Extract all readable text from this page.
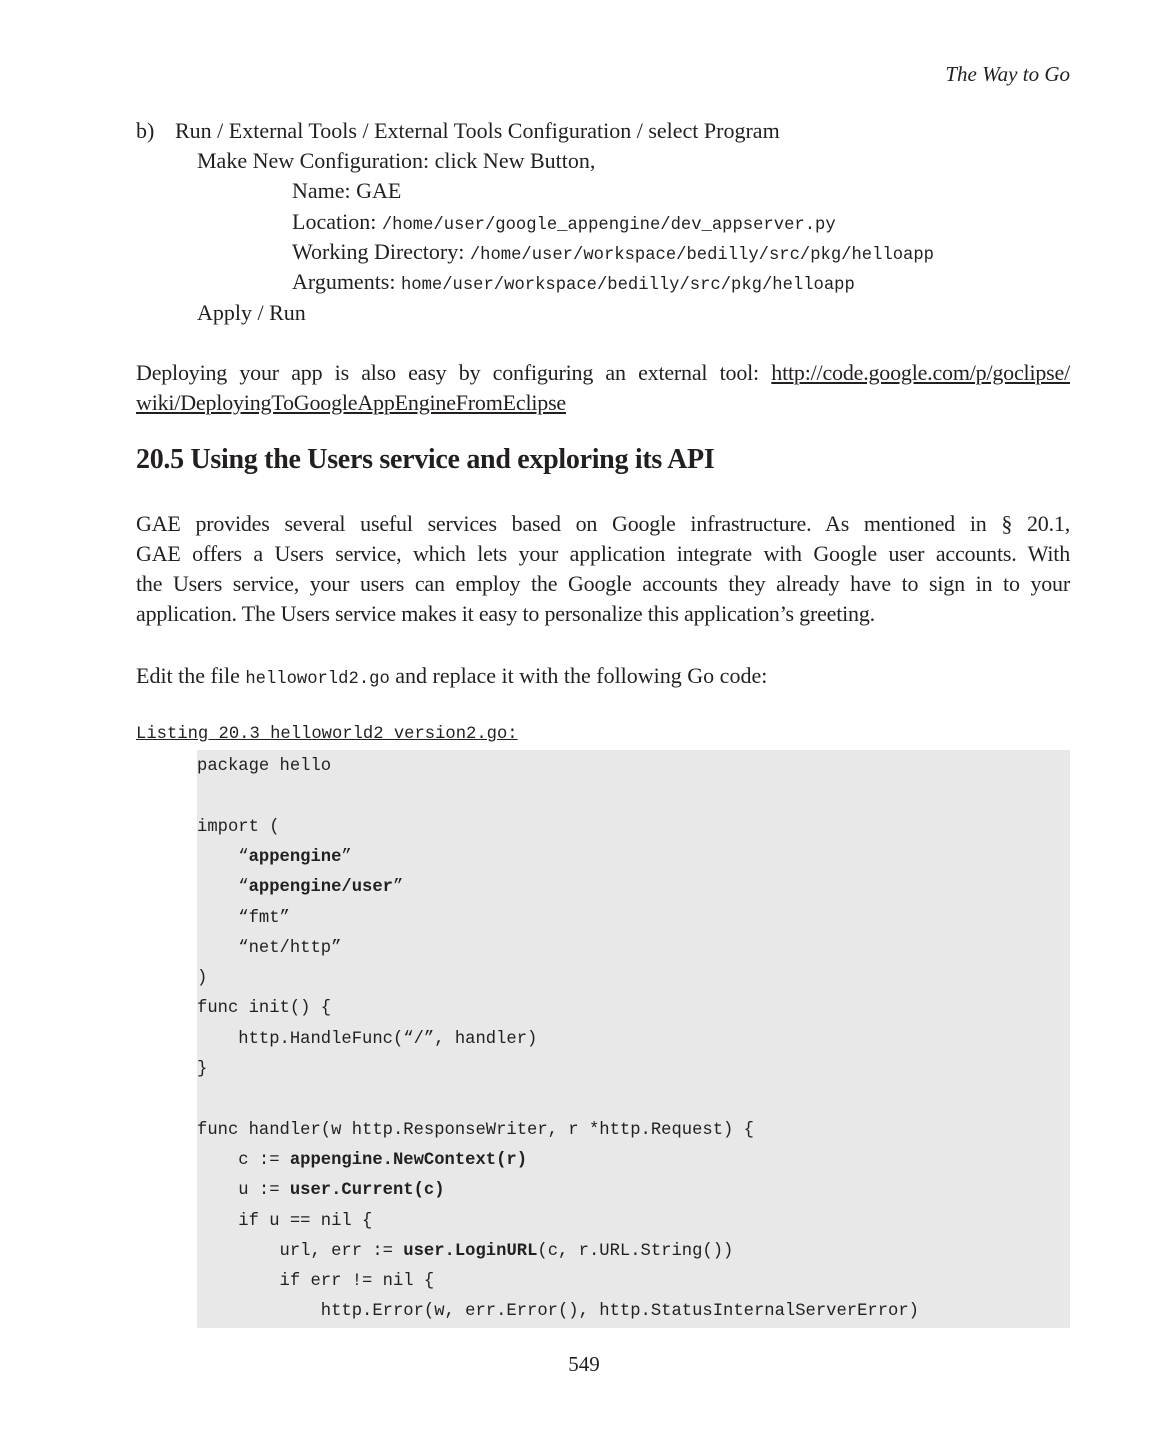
The Way to Go
b) Run / External Tools / External Tools Configuration / select Program
Make New Configuration: click New Button,
Name: GAE
Location: /home/user/google_appengine/dev_appserver.py
Working Directory: /home/user/workspace/bedilly/src/pkg/helloapp
Arguments: home/user/workspace/bedilly/src/pkg/helloapp
Apply / Run
Deploying your app is also easy by configuring an external tool: http://code.google.com/p/goclipse/
wiki/DeployingToGoogleAppEngineFromEclipse
20.5 Using the Users service and exploring its API
GAE provides several useful services based on Google infrastructure. As mentioned in § 20.1,
GAE offers a Users service, which lets your application integrate with Google user accounts. With
the Users service, your users can employ the Google accounts they already have to sign in to your
application. The Users service makes it easy to personalize this application’s greeting.
Edit the file helloworld2.go and replace it with the following Go code:
Listing 20.3 helloworld2_version2.go:
package hello
import (
“appengine”
“appengine/user”
“fmt”
“net/http”
)
func init() {
http.HandleFunc(“/”, handler)
}
func handler(w http.ResponseWriter, r *http.Request) {
c := appengine.NewContext(r)
u := user.Current(c)
if u == nil {
url, err := user.LoginURL(c, r.URL.String())
if err != nil {
http.Error(w, err.Error(), http.StatusInternalServerError)
549
